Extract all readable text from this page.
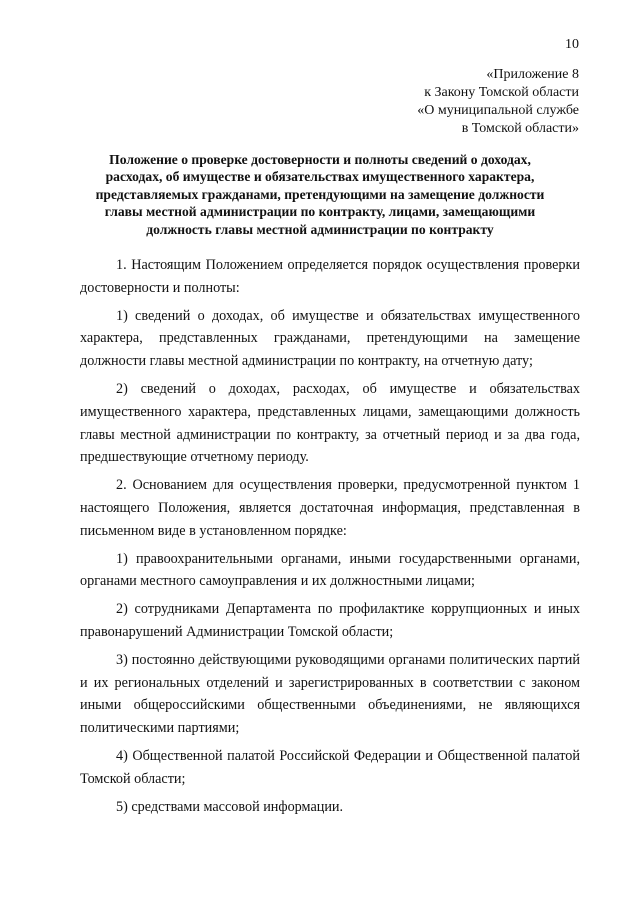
10
«Приложение 8
к Закону Томской области
«О муниципальной службе
в Томской области»
Положение о проверке достоверности и полноты сведений о доходах,
расходах, об имуществе и обязательствах имущественного характера,
представляемых гражданами, претендующими на замещение должности
главы местной администрации по контракту, лицами, замещающими
должность главы местной администрации по контракту

1. Настоящим Положением определяется порядок осуществления проверки достоверности и полноты:

1) сведений о доходах, об имуществе и обязательствах имущественного характера, представленных гражданами, претендующими на замещение должности главы местной администрации по контракту, на отчетную дату;

2) сведений о доходах, расходах, об имуществе и обязательствах имущественного характера, представленных лицами, замещающими должность главы местной администрации по контракту, за отчетный период и за два года, предшествующие отчетному периоду.

2. Основанием для осуществления проверки, предусмотренной пунктом 1 настоящего Положения, является достаточная информация, представленная в письменном виде в установленном порядке:

1) правоохранительными органами, иными государственными органами, органами местного самоуправления и их должностными лицами;

2) сотрудниками Департамента по профилактике коррупционных и иных правонарушений Администрации Томской области;

3) постоянно действующими руководящими органами политических партий и их региональных отделений и зарегистрированных в соответствии с законом иными общероссийскими общественными объединениями, не являющихся политическими партиями;

4) Общественной палатой Российской Федерации и Общественной палатой Томской области;

5) средствами массовой информации.
